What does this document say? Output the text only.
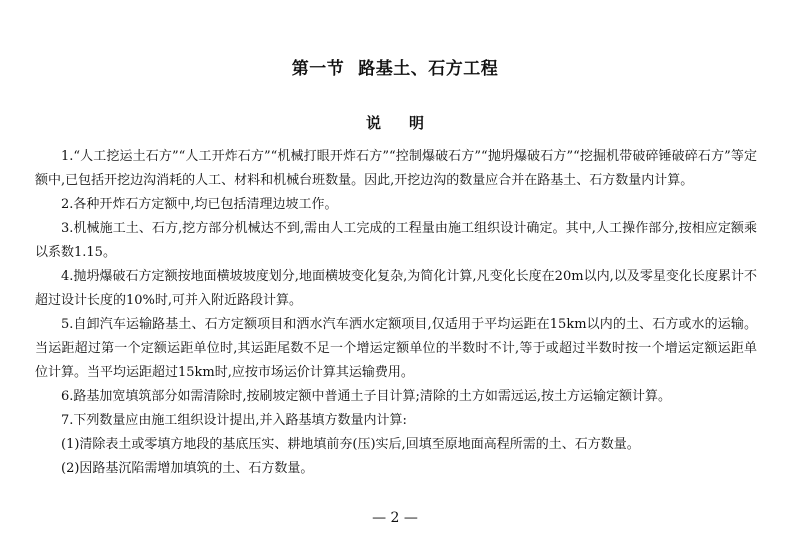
第一节 路基土、石方工程
说明

1.“人工挖运土石方”“人工开炸石方”“机械打眼开炸石方”“控制爆破石方”“抛坍爆破石方”“挖掘机带破碎锤破碎石方”等定额中,已包括开挖边沟消耗的人工、材料和机械台班数量。因此,开挖边沟的数量应合并在路基土、石方数量内计算。

2.各种开炸石方定额中,均已包括清理边坡工作。

3.机械施工土、石方,挖方部分机械达不到,需由人工完成的工程量由施工组织设计确定。其中,人工操作部分,按相应定额乘以系数1.15。

4.抛坍爆破石方定额按地面横坡坡度划分,地面横坡变化复杂,为简化计算,凡变化长度在20m以内,以及零星变化长度累计不超过设计长度的10%时,可并入附近路段计算。

5.自卸汽车运输路基土、石方定额项目和洒水汽车洒水定额项目,仅适用于平均运距在15km以内的土、石方或水的运输。当运距超过第一个定额运距单位时,其运距尾数不足一个增运定额单位的半数时不计,等于或超过半数时按一个增运定额运距单位计算。当平均运距超过15km时,应按市场运价计算其运输费用。

6.路基加宽填筑部分如需清除时,按刷坡定额中普通土子目计算;清除的土方如需远运,按土方运输定额计算。

7.下列数量应由施工组织设计提出,并入路基填方数量内计算:

(1)清除表土或零填方地段的基底压实、耕地填前夯(压)实后,回填至原地面高程所需的土、石方数量。

(2)因路基沉陷需增加填筑的土、石方数量。

— 2 —
